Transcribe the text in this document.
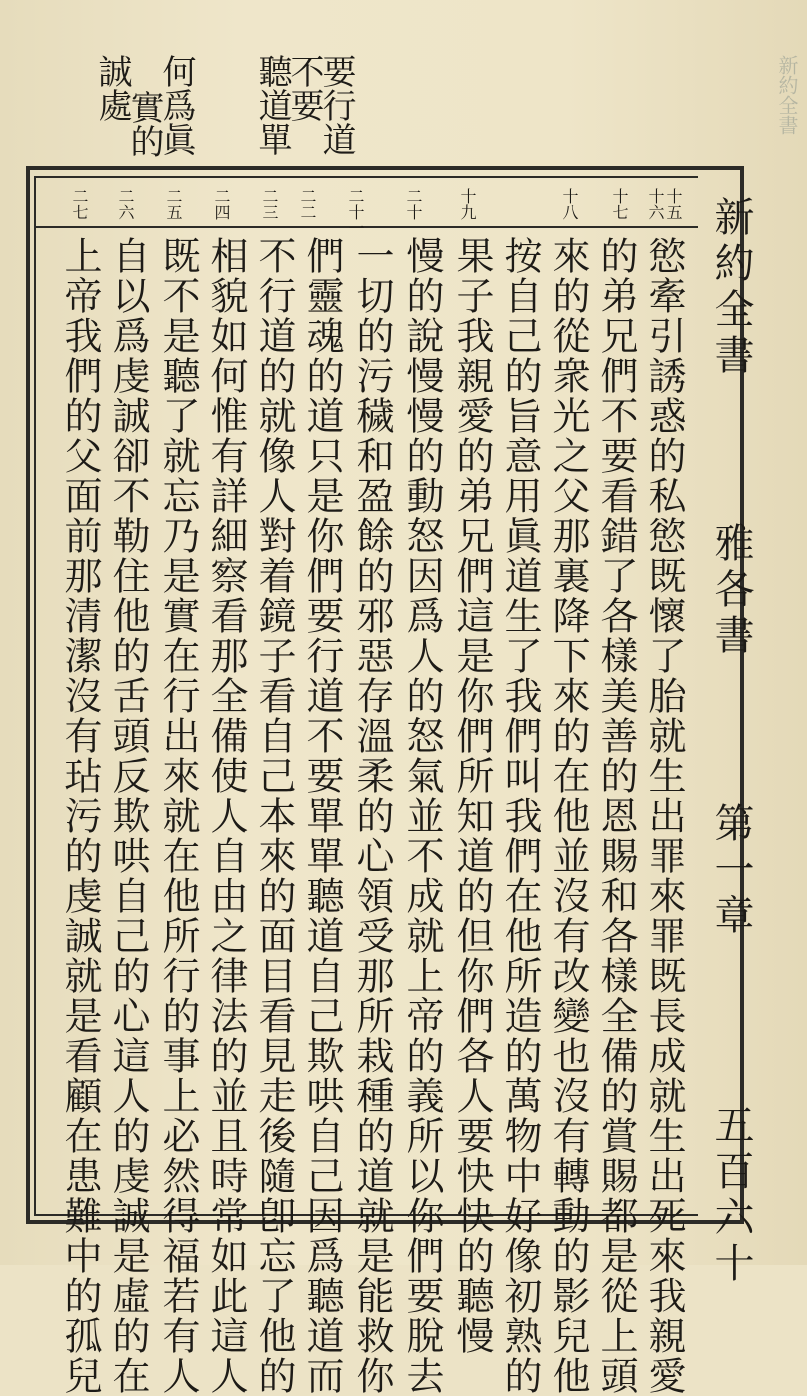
新約全書
要行道
不要
聽道單
何爲眞
實的
誠處
新約全書  雅各書  第一章  五百六十
十五
十六
十七
十八
十九
二十
二十一
二二
二三
二四
二五
二六
二七
慾牽引誘惑的私慾既懷了胎就生出罪來罪既長成就生出死來我親愛
的弟兄們不要看錯了各樣美善的恩賜和各樣全備的賞賜都是從上頭
來的從衆光之父那裏降下來的在他並沒有改變也沒有轉動的影兒他
按自己的旨意用眞道生了我們叫我們在他所造的萬物中好像初熟的
果子我親愛的弟兄們這是你們所知道的但你們各人要快快的聽慢
慢的說慢慢的動怒因爲人的怒氣並不成就上帝的義所以你們要脫去
一切的污穢和盈餘的邪惡存溫柔的心領受那所栽種的道就是能救你
們靈魂的道只是你們要行道不要單單聽道自己欺哄自己因爲聽道而
不行道的就像人對着鏡子看自己本來的面目看見走後隨卽忘了他的
相貌如何惟有詳細察看那全備使人自由之律法的並且時常如此這人
既不是聽了就忘乃是實在行出來就在他所行的事上必然得福若有人
自以爲虔誠卻不勒住他的舌頭反欺哄自己的心這人的虔誠是虛的在
上帝我們的父面前那清潔沒有玷污的虔誠就是看顧在患難中的孤兒
